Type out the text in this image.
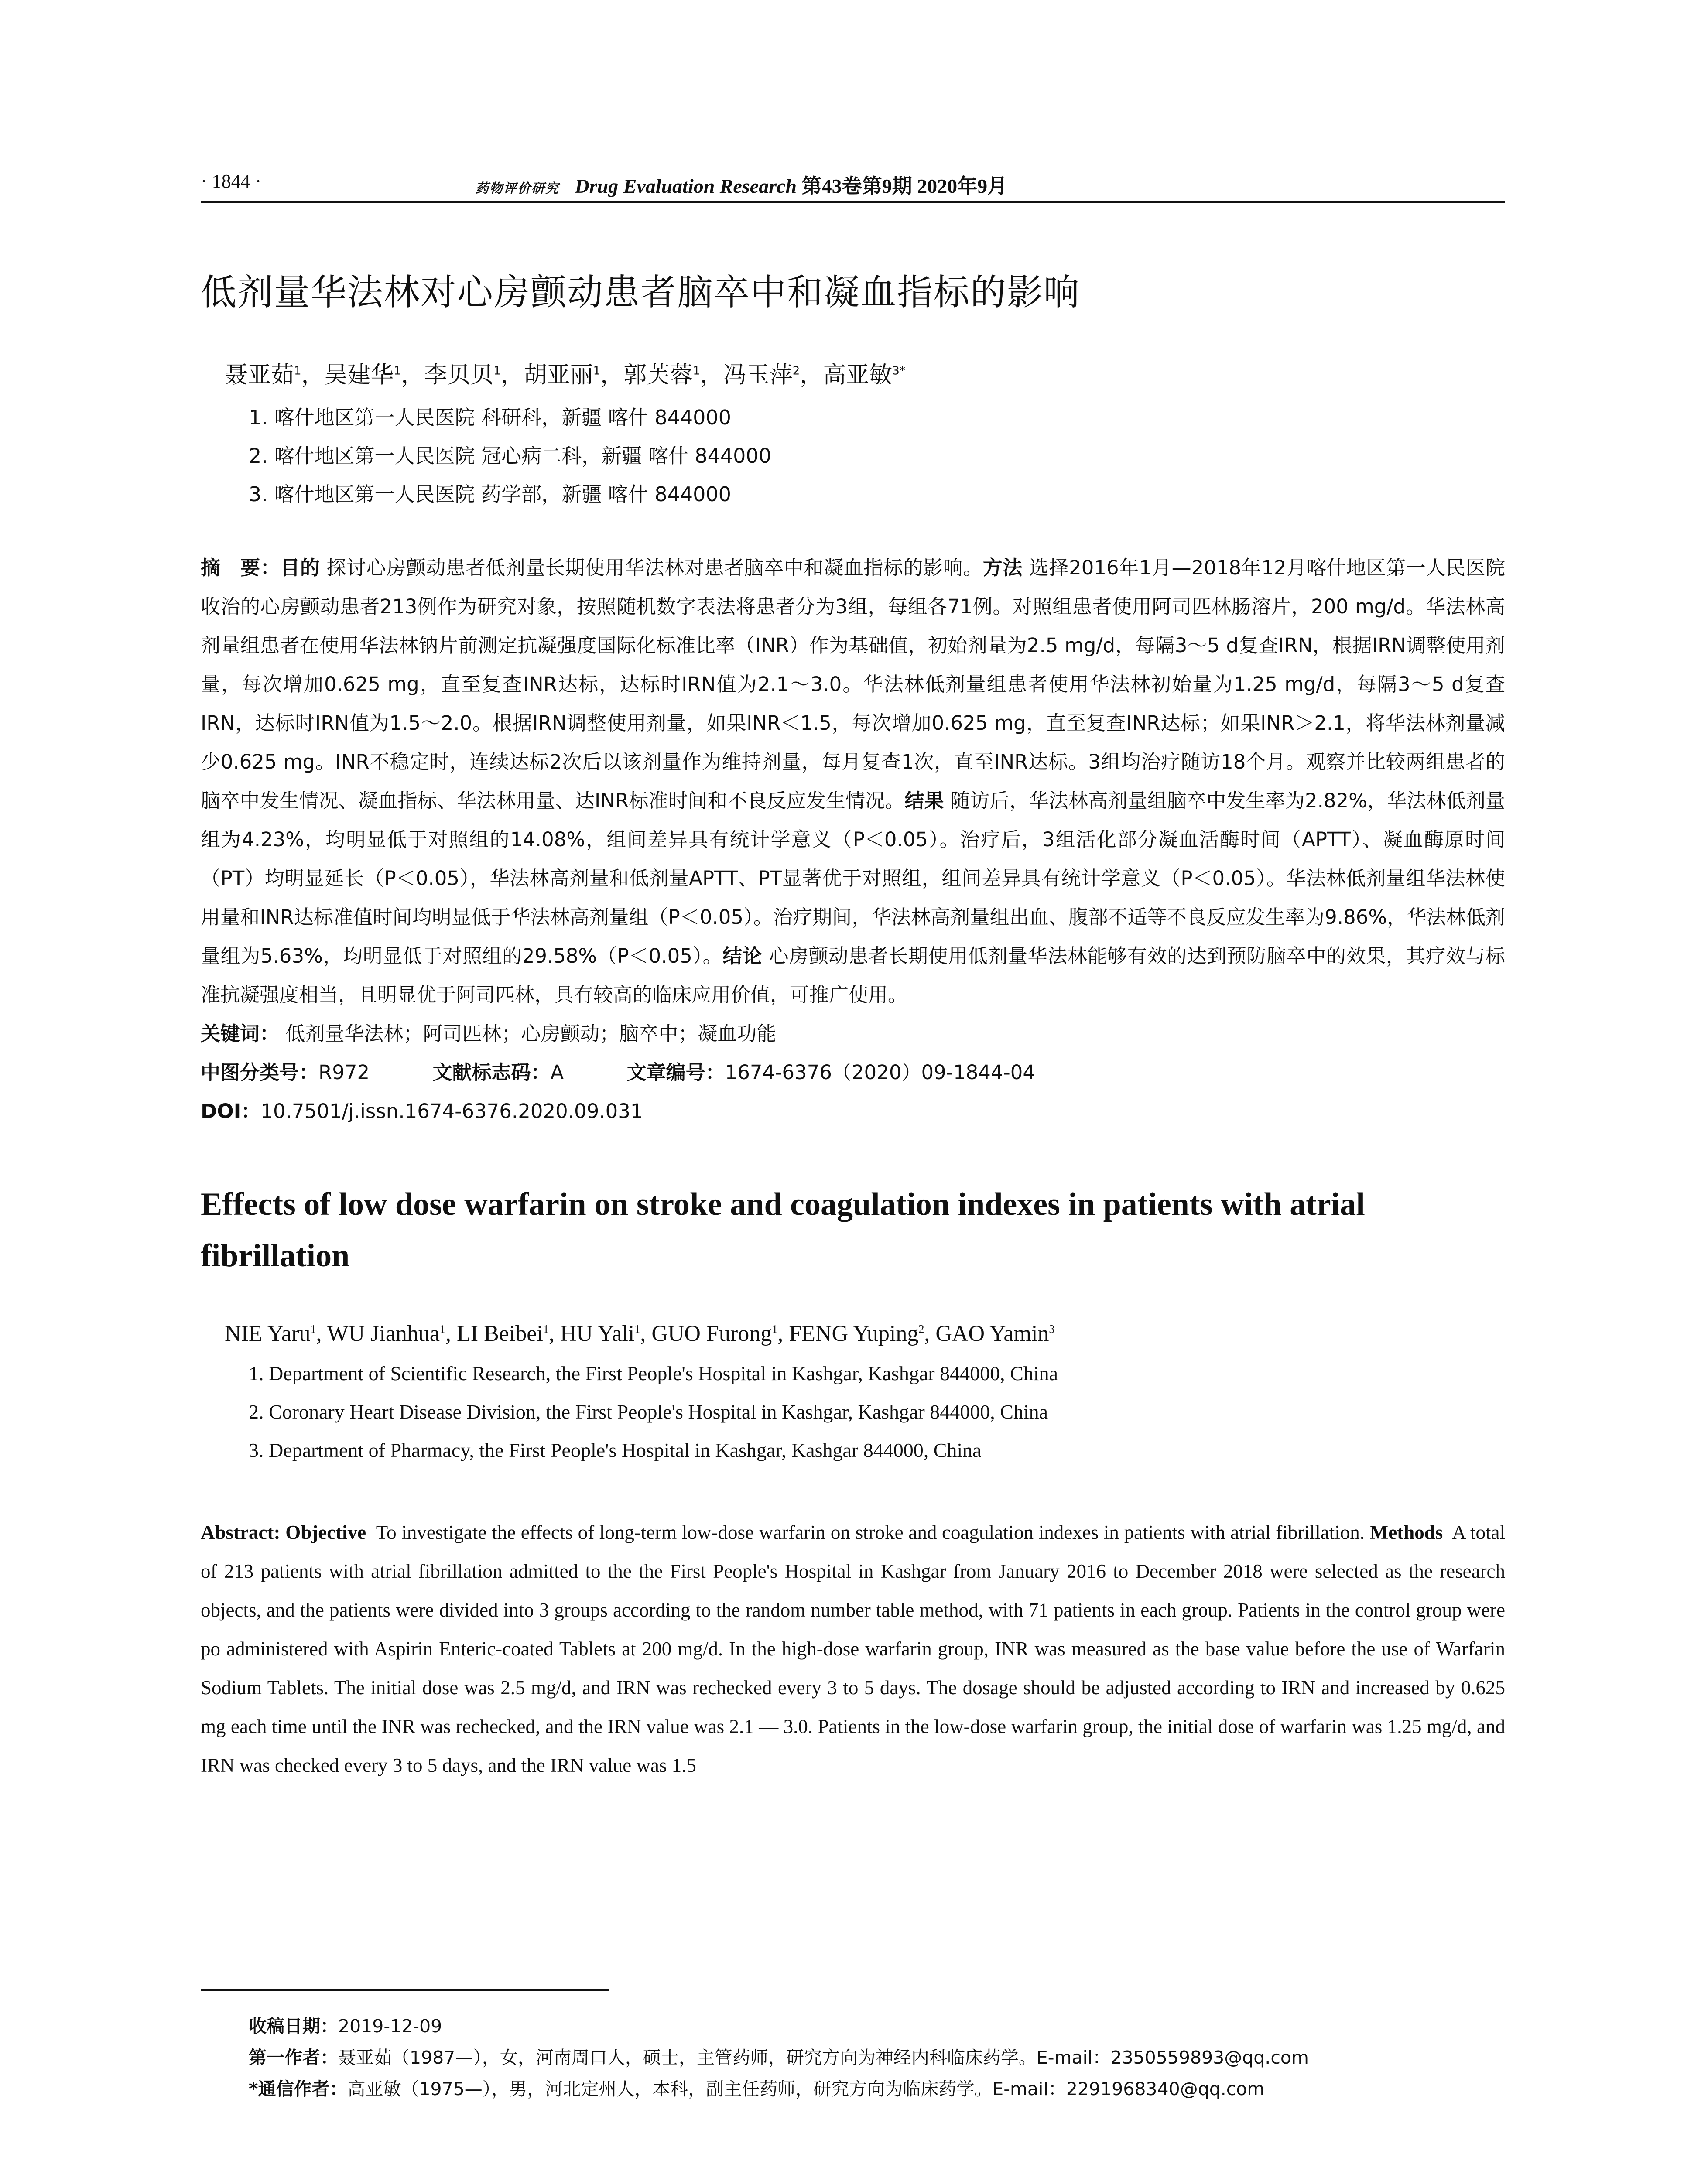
· 1844 ·	药物评价研究 Drug Evaluation Research 第43卷第9期 2020年9月
低剂量华法林对心房颤动患者脑卒中和凝血指标的影响
聂亚茹$^1$，吴建华$^1$，李贝贝$^1$，胡亚丽$^1$，郭芙蓉$^1$，冯玉萍$^2$，高亚敏$^{3*}$
1. 喀什地区第一人民医院 科研科，新疆 喀什 844000
2. 喀什地区第一人民医院 冠心病二科，新疆 喀什 844000
3. 喀什地区第一人民医院 药学部，新疆 喀什 844000
摘　要：目的 探讨心房颤动患者低剂量长期使用华法林对患者脑卒中和凝血指标的影响。方法 选择2016年1月—2018年12月喀什地区第一人民医院收治的心房颤动患者213例作为研究对象，按照随机数字表法将患者分为3组，每组各71例。对照组患者使用阿司匹林肠溶片，200 mg/d。华法林高剂量组患者在使用华法林钠片前测定抗凝强度国际化标准比率（INR）作为基础值，初始剂量为2.5 mg/d，每隔3～5 d复查IRN，根据IRN调整使用剂量，每次增加0.625 mg，直至复查INR达标，达标时IRN值为2.1～3.0。华法林低剂量组患者使用华法林初始量为1.25 mg/d，每隔3～5 d复查IRN，达标时IRN值为1.5～2.0。根据IRN调整使用剂量，如果INR＜1.5，每次增加0.625 mg，直至复查INR达标；如果INR＞2.1，将华法林剂量减少0.625 mg。INR不稳定时，连续达标2次后以该剂量作为维持剂量，每月复查1次，直至INR达标。3组均治疗随访18个月。观察并比较两组患者的脑卒中发生情况、凝血指标、华法林用量、达INR标准时间和不良反应发生情况。结果 随访后，华法林高剂量组脑卒中发生率为2.82%，华法林低剂量组为4.23%，均明显低于对照组的14.08%，组间差异具有统计学意义（P＜0.05）。治疗后，3组活化部分凝血活酶时间（APTT）、凝血酶原时间（PT）均明显延长（P＜0.05），华法林高剂量和低剂量APTT、PT显著优于对照组，组间差异具有统计学意义（P＜0.05）。华法林低剂量组华法林使用量和INR达标准值时间均明显低于华法林高剂量组（P＜0.05）。治疗期间，华法林高剂量组出血、腹部不适等不良反应发生率为9.86%，华法林低剂量组为5.63%，均明显低于对照组的29.58%（P＜0.05）。结论 心房颤动患者长期使用低剂量华法林能够有效的达到预防脑卒中的效果，其疗效与标准抗凝强度相当，且明显优于阿司匹林，具有较高的临床应用价值，可推广使用。
关键词： 低剂量华法林；阿司匹林；心房颤动；脑卒中；凝血功能
中图分类号：R972	文献标志码：A	文章编号：1674-6376（2020）09-1844-04
DOI：10.7501/j.issn.1674-6376.2020.09.031
Effects of low dose warfarin on stroke and coagulation indexes in patients with atrial fibrillation
NIE Yaru$^1$, WU Jianhua$^1$, LI Beibei$^1$, HU Yali$^1$, GUO Furong$^1$, FENG Yuping$^2$, GAO Yamin$^3$
1. Department of Scientific Research, the First People's Hospital in Kashgar, Kashgar 844000, China
2. Coronary Heart Disease Division, the First People's Hospital in Kashgar, Kashgar 844000, China
3. Department of Pharmacy, the First People's Hospital in Kashgar, Kashgar 844000, China
Abstract: Objective To investigate the effects of long-term low-dose warfarin on stroke and coagulation indexes in patients with atrial fibrillation. Methods A total of 213 patients with atrial fibrillation admitted to the the First People's Hospital in Kashgar from January 2016 to December 2018 were selected as the research objects, and the patients were divided into 3 groups according to the random number table method, with 71 patients in each group. Patients in the control group were po administered with Aspirin Enteric-coated Tablets at 200 mg/d. In the high-dose warfarin group, INR was measured as the base value before the use of Warfarin Sodium Tablets. The initial dose was 2.5 mg/d, and IRN was rechecked every 3 to 5 days. The dosage should be adjusted according to IRN and increased by 0.625 mg each time until the INR was rechecked, and the IRN value was 2.1 — 3.0. Patients in the low-dose warfarin group, the initial dose of warfarin was 1.25 mg/d, and IRN was checked every 3 to 5 days, and the IRN value was 1.5
收稿日期：2019-12-09
第一作者：聂亚茹（1987—），女，河南周口人，硕士，主管药师，研究方向为神经内科临床药学。E-mail：2350559893@qq.com
*通信作者：高亚敏（1975—），男，河北定州人，本科，副主任药师，研究方向为临床药学。E-mail：2291968340@qq.com
